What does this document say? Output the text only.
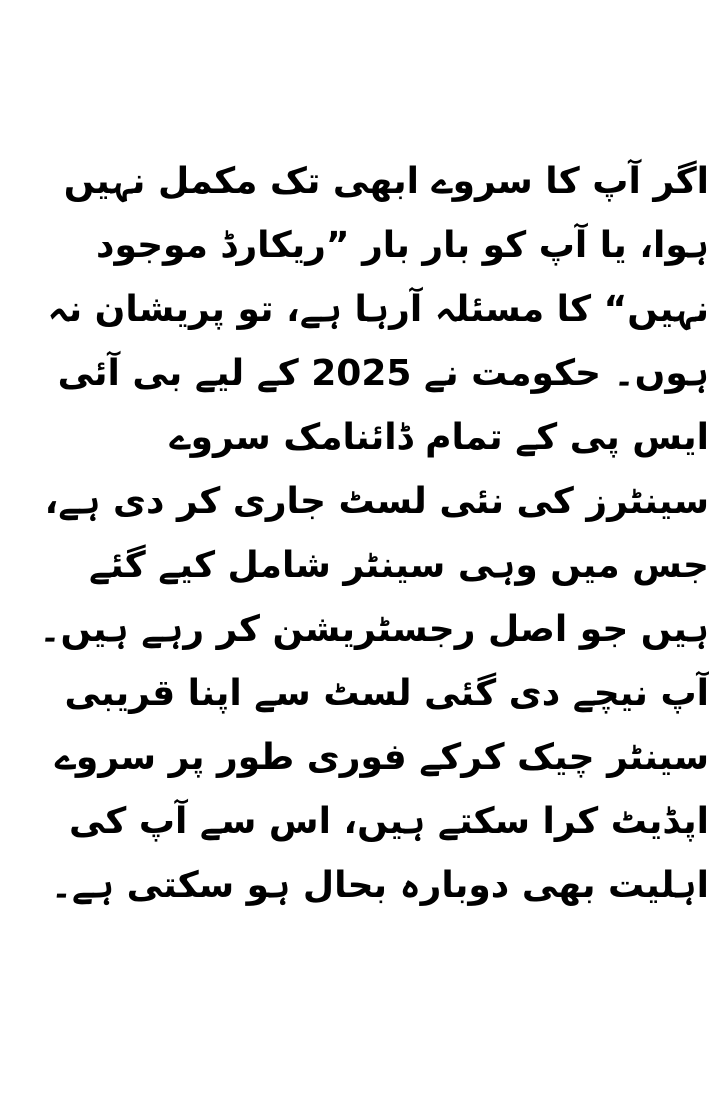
اگر آپ کا سروے ابھی تک مکمل نہیں
ہوا، یا آپ کو بار بار ”ریکارڈ موجود
نہیں“ کا مسئلہ آرہا ہے، تو پریشان نہ
ہوں۔ حکومت نے 2025 کے لیے بی آئی
ایس پی کے تمام ڈائنامک سروے
سینٹرز کی نئی لسٹ جاری کر دی ہے،
جس میں وہی سینٹر شامل کیے گئے
ہیں جو اصل رجسٹریشن کر رہے ہیں۔
آپ نیچے دی گئی لسٹ سے اپنا قریبی
سینٹر چیک کرکے فوری طور پر سروے
اپڈیٹ کرا سکتے ہیں، اس سے آپ کی
اہلیت بھی دوبارہ بحال ہو سکتی ہے۔
